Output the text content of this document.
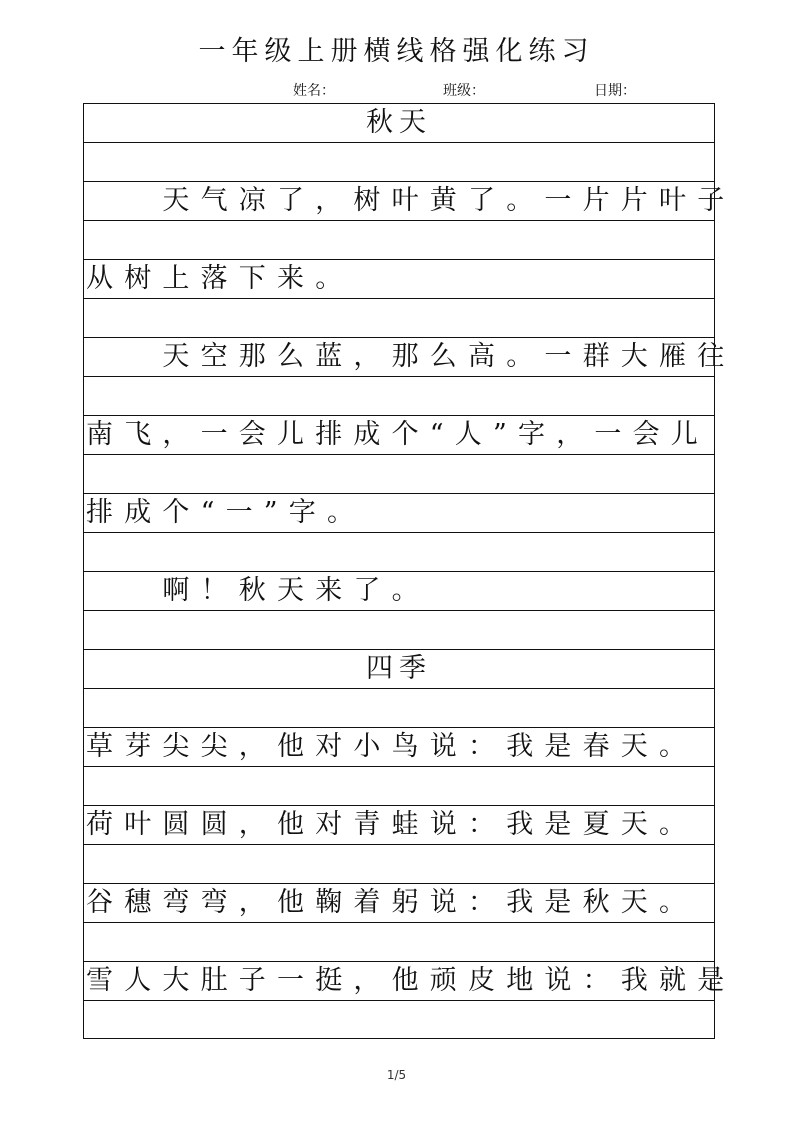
一年级上册横线格强化练习
姓名：	班级：	日期：
秋天
　　天气凉了，树叶黄了。一片片叶子
从树上落下来。
　　天空那么蓝，那么高。一群大雁往
南飞，一会儿排成个“人”字，一会儿
排成个“一”字。
　　啊！秋天来了。
四季
草芽尖尖，他对小鸟说：我是春天。
荷叶圆圆，他对青蛙说：我是夏天。
谷穗弯弯，他鞠着躬说：我是秋天。
雪人大肚子一挺，他顽皮地说：我就是
1/5
